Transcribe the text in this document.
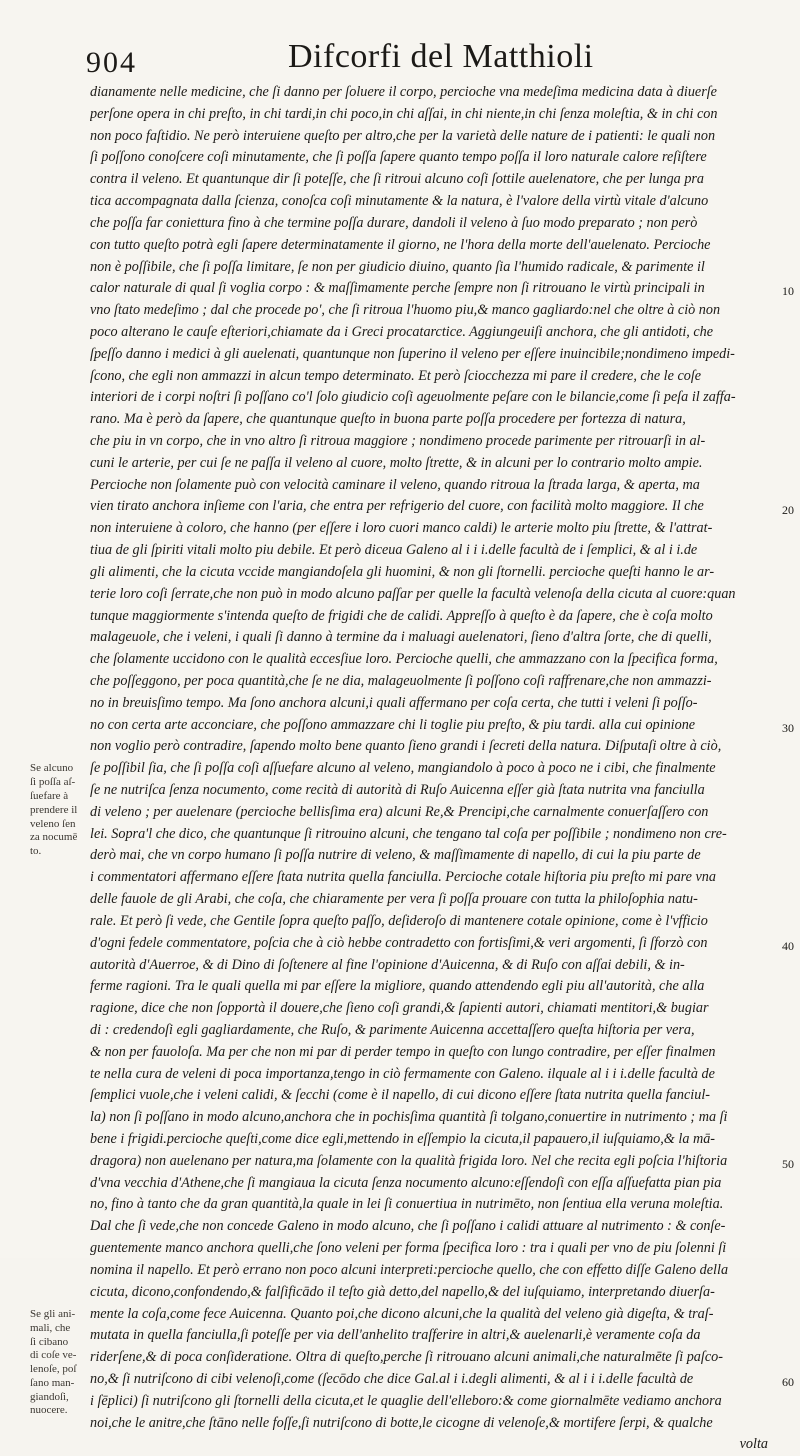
904	Difcorfi del Matthioli
dianamente nelle medicine, che ſi danno per ſoluere il corpo, percioche vna medeſima medicina data à diuerſe
perſone opera in chi preſto, in chi tardi,in chi poco,in chi aſſai, in chi niente,in chi ſenza moleſtia, & in chi con
non poco faſtidio. Ne però interuiene queſto per altro,che per la varietà delle nature de i patienti: le quali non
ſi poſſono conoſcere coſi minutamente, che ſi poſſa ſapere quanto tempo poſſa il loro naturale calore reſiſtere
contra il veleno. Et quantunque dir ſi poteſſe, che ſi ritroui alcuno coſi ſottile auelenatore, che per lunga pra
tica accompagnata dalla ſcienza, conoſca coſi minutamente & la natura, è l'valore della virtù vitale d'alcuno
che poſſa far coniettura fino à che termine poſſa durare, dandoli il veleno à ſuo modo preparato ; non però
con tutto queſto potrà egli ſapere determinatamente il giorno, ne l'hora della morte dell'auelenato. Percioche
non è poſſibile, che ſi poſſa limitare, ſe non per giudicio diuino, quanto ſia l'humido radicale, & parimente il
calor naturale di qual ſi voglia corpo : & maſſimamente perche ſempre non ſi ritrouano le virtù principali in
vno ſtato medeſimo ; dal che procede po', che ſi ritroua l'huomo piu,& manco gagliardo:nel che oltre à ciò non
poco alterano le cauſe eſteriori,chiamate da i Greci procatarctice. Aggiungeuiſi anchora, che gli antidoti, che
ſpeſſo danno i medici à gli auelenati, quantunque non ſuperino il veleno per eſſere inuincibile;nondimeno impedi-
ſcono, che egli non ammazzi in alcun tempo determinato. Et però ſciocchezza mi pare il credere, che le coſe
interiori de i corpi noſtri ſi poſſano co'l ſolo giudicio coſi ageuolmente peſare con le bilancie,come ſi peſa il zaffa-
rano. Ma è però da ſapere, che quantunque queſto in buona parte poſſa procedere per fortezza di natura,
che piu in vn corpo, che in vno altro ſi ritroua maggiore ; nondimeno procede parimente per ritrouarſi in al-
cuni le arterie, per cui ſe ne paſſa il veleno al cuore, molto ſtrette, & in alcuni per lo contrario molto ampie.
Percioche non ſolamente può con velocità caminare il veleno, quando ritroua la ſtrada larga, & aperta, ma
vien tirato anchora inſieme con l'aria, che entra per refrigerio del cuore, con facilità molto maggiore. Il che
non interuiene à coloro, che hanno (per eſſere i loro cuori manco caldi) le arterie molto piu ſtrette, & l'attrat-
tiua de gli ſpiriti vitali molto piu debile. Et però diceua Galeno al i i i.delle facultà de i ſemplici, & al i i.de
gli alimenti, che la cicuta vccide mangiandoſela gli huomini, & non gli ſtornelli. percioche queſti hanno le ar-
terie loro coſi ſerrate,che non può in modo alcuno paſſar per quelle la facultà velenoſa della cicuta al cuore:quan
tunque maggiormente s'intenda queſto de frigidi che de calidi. Appreſſo à queſto è da ſapere, che è coſa molto
malageuole, che i veleni, i quali ſi danno à termine da i maluagi auelenatori, ſieno d'altra ſorte, che di quelli,
che ſolamente uccidono con le qualità eccesſiue loro. Percioche quelli, che ammazzano con la ſpecifica forma,
che poſſeggono, per poca quantità,che ſe ne dia, malageuolmente ſi poſſono coſi raffrenare,che non ammazzi-
no in breuisſimo tempo. Ma ſono anchora alcuni,i quali affermano per coſa certa, che tutti i veleni ſi poſſo-
no con certa arte acconciare, che poſſono ammazzare chi li toglie piu preſto, & piu tardi. alla cui opinione
non voglio però contradire, ſapendo molto bene quanto ſieno grandi i ſecreti della natura. Diſputaſi oltre à ciò,
ſe poſſibil ſia, che ſi poſſa coſi aſſuefare alcuno al veleno, mangiandolo à poco à poco ne i cibi, che finalmente
ſe ne nutriſca ſenza nocumento, come recità di autorità di Ruſo Auicenna eſſer già ſtata nutrita vna fanciulla
di veleno ; per auelenare (percioche bellisſima era) alcuni Re,& Prencipi,che carnalmente conuerſaſſero con
lei. Sopra'l che dico, che quantunque ſi ritrouino alcuni, che tengano tal coſa per poſſibile ; nondimeno non cre-
derò mai, che vn corpo humano ſi poſſa nutrire di veleno, & maſſimamente di napello, di cui la piu parte de
i commentatori affermano eſſere ſtata nutrita quella fanciulla. Percioche cotale hiſtoria piu preſto mi pare vna
delle fauole de gli Arabi, che coſa, che chiaramente per vera ſi poſſa prouare con tutta la philoſophia natu-
rale. Et però ſi vede, che Gentile ſopra queſto paſſo, deſideroſo di mantenere cotale opinione, come è l'vfficio
d'ogni fedele commentatore, poſcia che à ciò hebbe contradetto con fortisſimi,& veri argomenti, ſi ſforzò con
autorità d'Auerroe, & di Dino di ſoſtenere al fine l'opinione d'Auicenna, & di Ruſo con aſſai debili, & in-
ferme ragioni. Tra le quali quella mi par eſſere la migliore, quando attendendo egli piu all'autorità, che alla
ragione, dice che non ſopportà il douere,che ſieno coſi grandi,& ſapienti autori, chiamati mentitori,& bugiar
di : credendoſi egli gagliardamente, che Ruſo, & parimente Auicenna accettaſſero queſta hiſtoria per vera,
& non per fauoloſa. Ma per che non mi par di perder tempo in queſto con lungo contradire, per eſſer finalmen
te nella cura de veleni di poca importanza,tengo in ciò fermamente con Galeno. ilquale al i i i.delle facultà de
ſemplici vuole,che i veleni calidi, & ſecchi (come è il napello, di cui dicono eſſere ſtata nutrita quella fanciul-
la) non ſi poſſano in modo alcuno,anchora che in pochisſima quantità ſi tolgano,conuertire in nutrimento ; ma ſi
bene i frigidi.percioche queſti,come dice egli,mettendo in eſſempio la cicuta,il papauero,il iuſquiamo,& la mā-
dragora) non auelenano per natura,ma ſolamente con la qualità frigida loro. Nel che recita egli poſcia l'hiſtoria
d'vna vecchia d'Athene,che ſi mangiaua la cicuta ſenza nocumento alcuno:eſſendoſi con eſſa aſſuefatta pian pia
no, fino à tanto che da gran quantità,la quale in lei ſi conuertiua in nutrimēto, non ſentiua ella veruna moleſtia.
Dal che ſi vede,che non concede Galeno in modo alcuno, che ſi poſſano i calidi attuare al nutrimento : & conſe-
guentemente manco anchora quelli,che ſono veleni per forma ſpecifica loro : tra i quali per vno de piu ſolenni ſi
nomina il napello. Et però errano non poco alcuni interpreti:percioche quello, che con effetto diſſe Galeno della
cicuta, dicono,confondendo,& falſificādo il teſto già detto,del napello,& del iuſquiamo, interpretando diuerſa-
mente la coſa,come fece Auicenna. Quanto poi,che dicono alcuni,che la qualità del veleno già digeſta, & traſ-
mutata in quella fanciulla,ſi poteſſe per via dell'anhelito traſferire in altri,& auelenarli,è veramente coſa da
riderſene,& di poca conſideratione. Oltra di queſto,perche ſi ritrouano alcuni animali,che naturalmēte ſi paſco-
no,& ſi nutriſcono di cibi velenoſi,come (ſecōdo che dice Gal.al i i.degli alimenti, & al i i i.delle facultà de
i ſēplici) ſi nutriſcono gli ſtornelli della cicuta,et le quaglie dell'elleboro:& come giornalmēte vediamo anchora
noi,che le anitre,che ſtāno nelle foſſe,ſi nutriſcono di botte,le cicogne di velenoſe,& mortifere ſerpi, & qualche
volta
Se alcuno
ſi poſſa aſ-
ſuefare à
prendere il
veleno ſen
za nocumē
to.
Se gli ani-
mali, che
ſi cibano
di coſe ve-
lenoſe, poſ
ſano man-
giandoſi,
nuocere.
10
20
30
40
50
60
